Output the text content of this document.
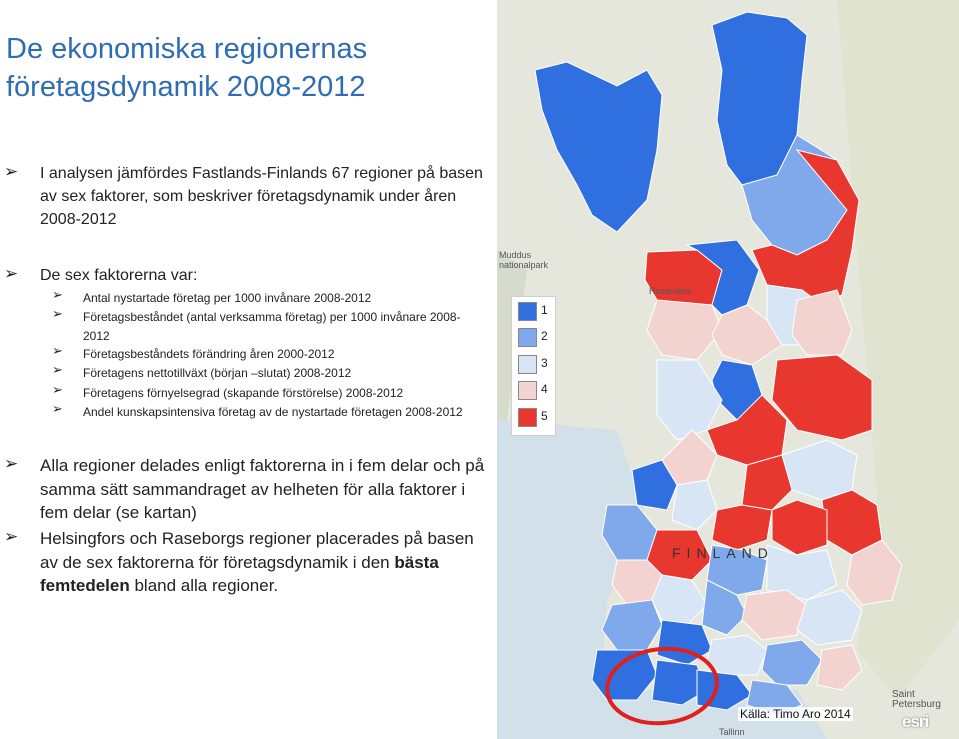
De ekonomiska regionernas företagsdynamik 2008-2012
➢ I analysen jämfördes Fastlands-Finlands 67 regioner på basen av sex faktorer, som beskriver företagsdynamik under åren 2008-2012
➢ De sex faktorerna var:
➢ Antal nystartade företag per 1000 invånare 2008-2012
➢ Företagsbeståndet (antal verksamma företag) per 1000 invånare 2008-2012
➢ Företagsbeståndets förändring åren 2000-2012
➢ Företagens nettotillväxt (början –slutat) 2008-2012
➢ Företagens förnyelsegrad (skapande förstörelse) 2008-2012
➢ Andel kunskapsintensiva företag av de nystartade företagen 2008-2012
➢ Alla regioner delades enligt faktorerna in i fem delar och på samma sätt sammandraget av helheten för alla faktorer i fem delar (se kartan)
➢ Helsingfors och Raseborgs regioner placerades på basen av de sex faktorerna för företagsdynamik i den bästa femtedelen bland alla regioner.
Muddus nationalpark
Rovaniemi
FINLAND
Saint Petersburg
Tallinn
1
2
3
4
5
Källa: Timo Aro 2014	esri
